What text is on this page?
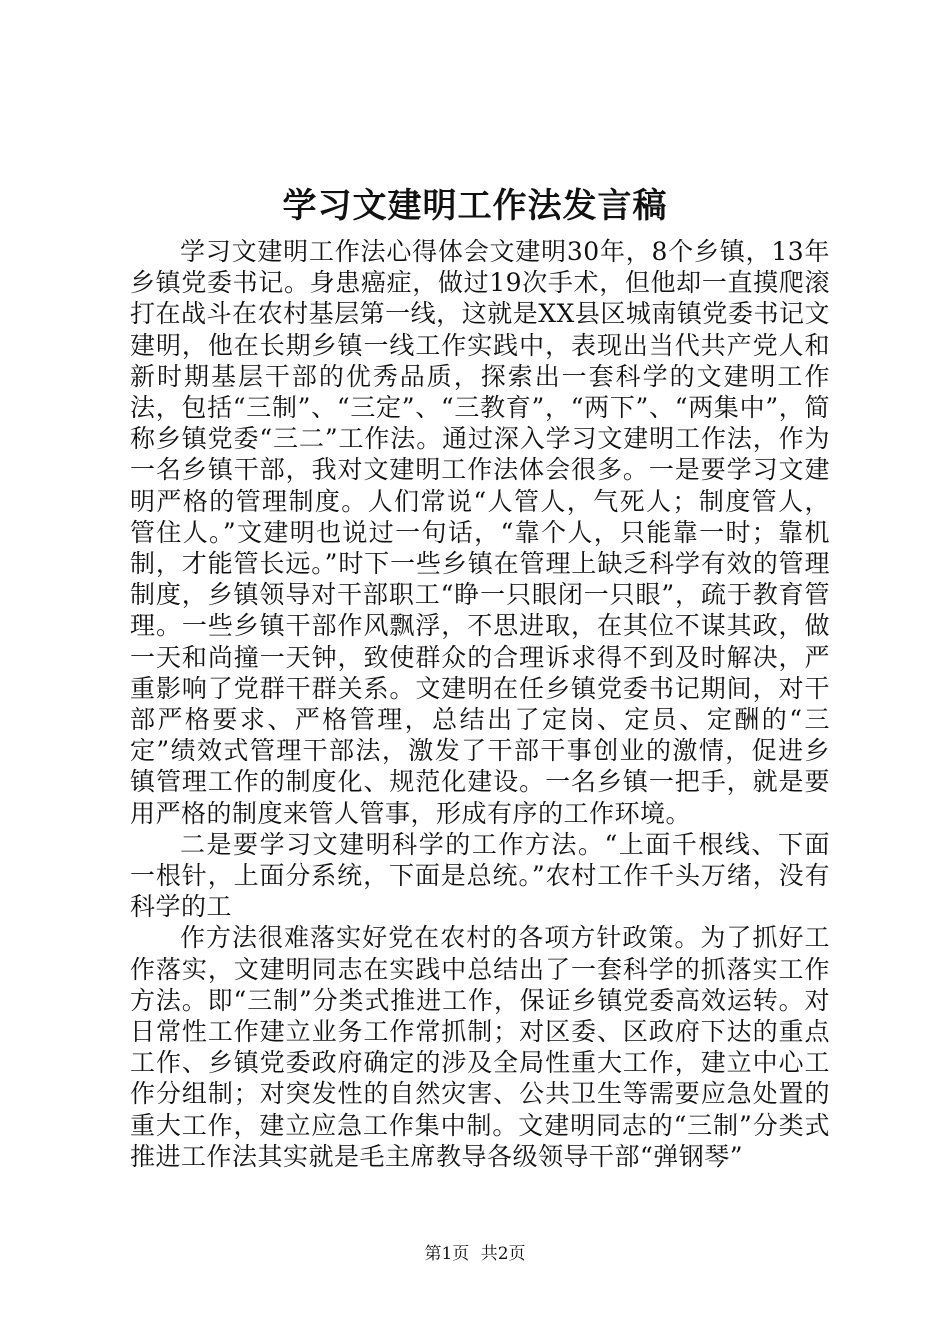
学习文建明工作法发言稿

学习文建明工作法心得体会文建明30年，8个乡镇，13年乡镇党委书记。身患癌症，做过19次手术，但他却一直摸爬滚打在战斗在农村基层第一线，这就是XX县区城南镇党委书记文建明，他在长期乡镇一线工作实践中，表现出当代共产党人和新时期基层干部的优秀品质，探索出一套科学的文建明工作法，包括“三制”、“三定”、“三教育”，“两下”、“两集中”，简称乡镇党委“三二”工作法。通过深入学习文建明工作法，作为一名乡镇干部，我对文建明工作法体会很多。一是要学习文建明严格的管理制度。人们常说“人管人，气死人；制度管人，管住人。”文建明也说过一句话，“靠个人，只能靠一时；靠机制，才能管长远。”时下一些乡镇在管理上缺乏科学有效的管理制度，乡镇领导对干部职工“睁一只眼闭一只眼”，疏于教育管理。一些乡镇干部作风飘浮，不思进取，在其位不谋其政，做一天和尚撞一天钟，致使群众的合理诉求得不到及时解决，严重影响了党群干群关系。文建明在任乡镇党委书记期间，对干部严格要求、严格管理，总结出了定岗、定员、定酬的“三定”绩效式管理干部法，激发了干部干事创业的激情，促进乡镇管理工作的制度化、规范化建设。一名乡镇一把手，就是要用严格的制度来管人管事，形成有序的工作环境。

二是要学习文建明科学的工作方法。“上面千根线、下面一根针，上面分系统，下面是总统。”农村工作千头万绪，没有科学的工

作方法很难落实好党在农村的各项方针政策。为了抓好工作落实，文建明同志在实践中总结出了一套科学的抓落实工作方法。即“三制”分类式推进工作，保证乡镇党委高效运转。对日常性工作建立业务工作常抓制；对区委、区政府下达的重点工作、乡镇党委政府确定的涉及全局性重大工作，建立中心工作分组制；对突发性的自然灾害、公共卫生等需要应急处置的重大工作，建立应急工作集中制。文建明同志的“三制”分类式推进工作法其实就是毛主席教导各级领导干部“弹钢琴”

第1页 共2页
